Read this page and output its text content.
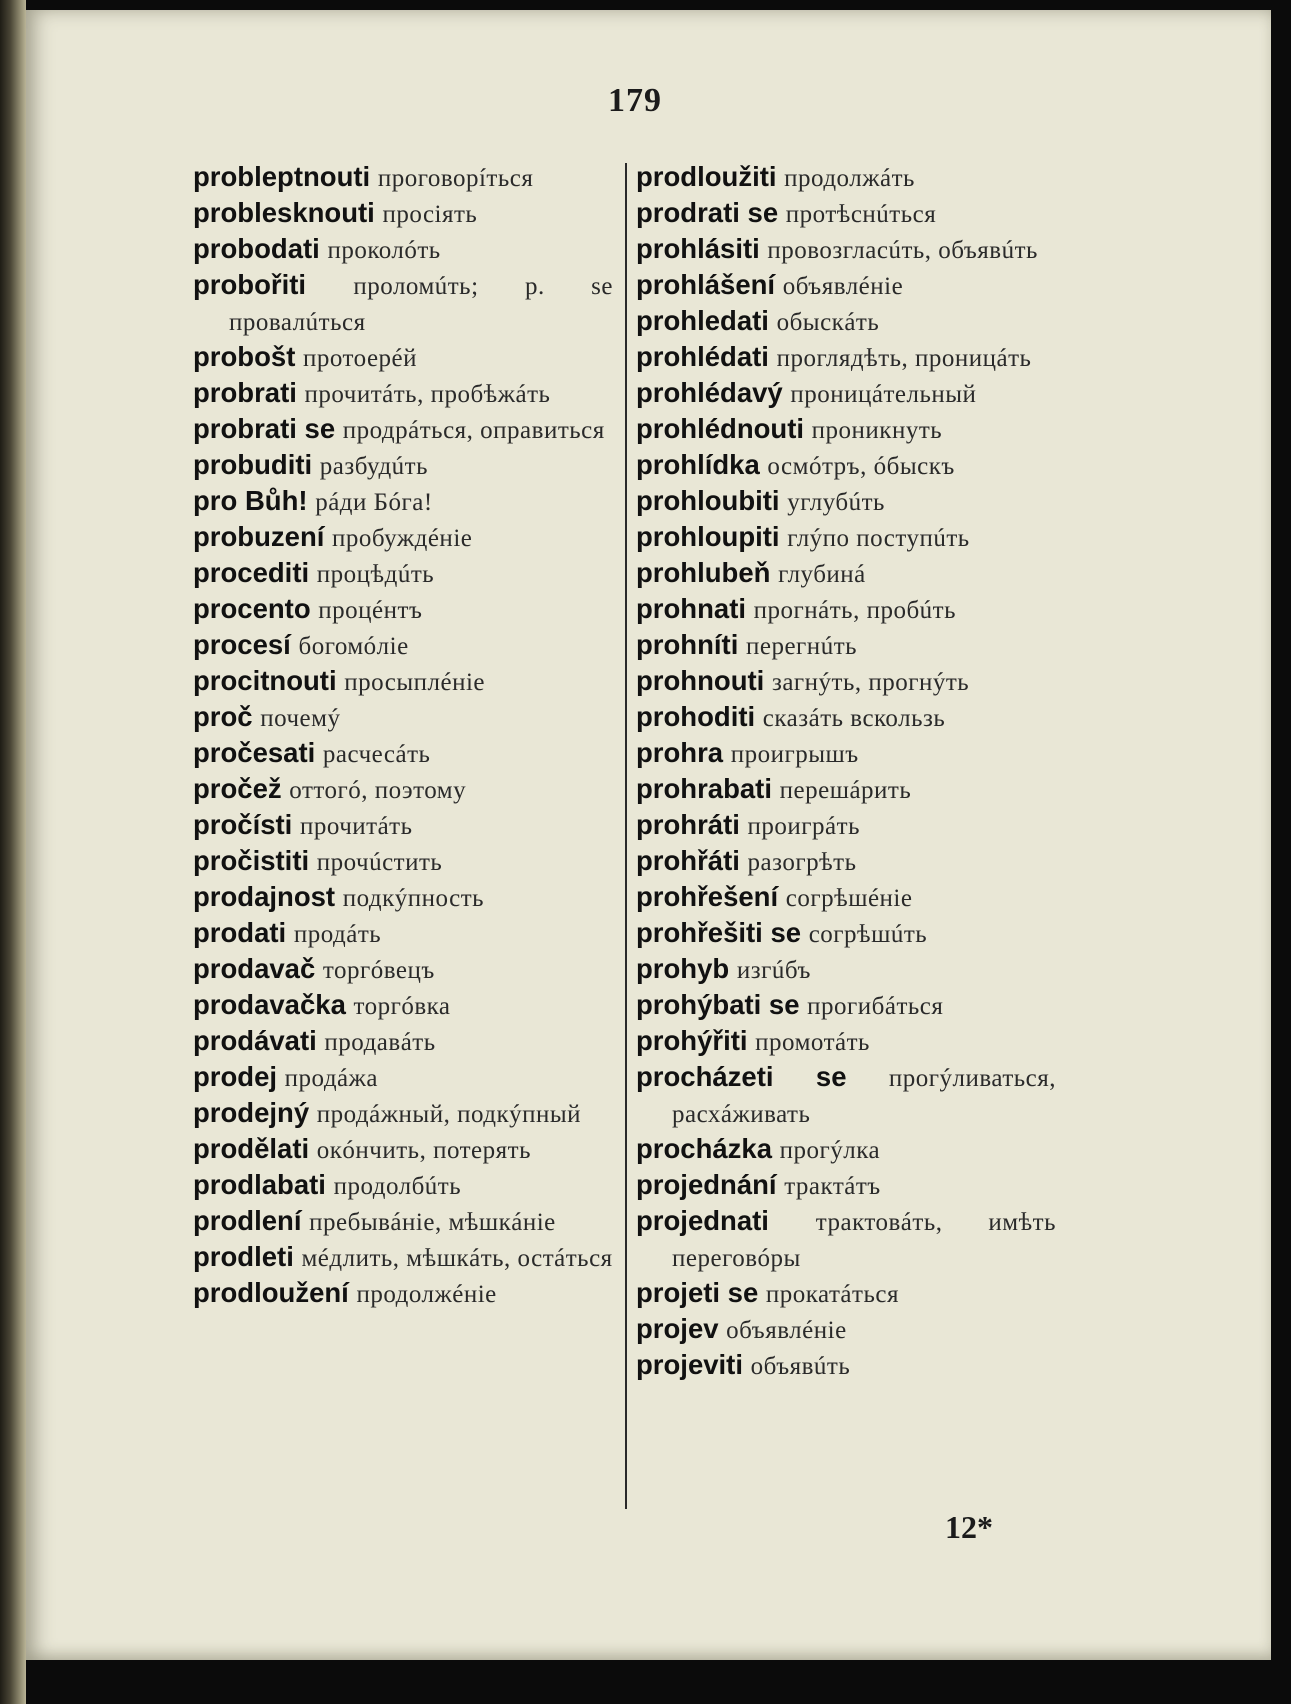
179
probleptnouti проговорíться
problesknouti просiять
probodati проколóть
probořiti проломúть; p. se провалúться
probošt протоерéй
probrati прочитáть, пробѣжáть
probrati se продрáться, оправиться
probuditi разбудúть
pro Bůh! рáди Бóга!
probuzení пробуждéнie
procediti процѣдúть
procento процéнтъ
procesí богомóлie
procitnouti просыплéнie
proč почемý
pročesati расчесáть
pročež оттогó, поэтому
pročísti прочитáть
pročistiti прочúстить
prodajnost подкýпность
prodati продáть
prodavač торгóвецъ
prodavačka торгóвка
prodávati продавáть
prodej продáжа
prodejný продáжный, подкýпный
prodělati окóнчить, потерять
prodlabati продолбúть
prodlení пребывáнie, мѣшкáнie
prodleti мéдлить, мѣшкáть, остáться
prodloužení продолжéнie
prodloužiti продолжáть
prodrati se протѣснúться
prohlásiti провозгласúть, объявúть
prohlášení объявлéнie
prohledati обыскáть
prohlédati проглядѣть, проницáть
prohlédavý проницáтельный
prohlédnouti проникнуть
prohlídka осмóтръ, óбыскъ
prohloubiti углубúть
prohloupiti глýпо поступúть
prohlubeň глубинá
prohnati прогнáть, пробúть
prohníti перегнúть
prohnouti загнýть, прогнýть
prohoditi сказáть вскользь
prohra проигрышъ
prohrabati перешáрить
prohráti проигрáть
prohřáti разогрѣть
prohřešení согрѣшéнie
prohřešiti se согрѣшúть
prohyb изгúбъ
prohýbati se прогибáться
prohýřiti промотáть
procházeti se прогýливаться, расхáживать
procházka прогýлка
projednání трактáтъ
projednati трактовáть, имѣть переговóры
projeti se прокатáться
projev объявлéнie
projeviti объявúть
12*
